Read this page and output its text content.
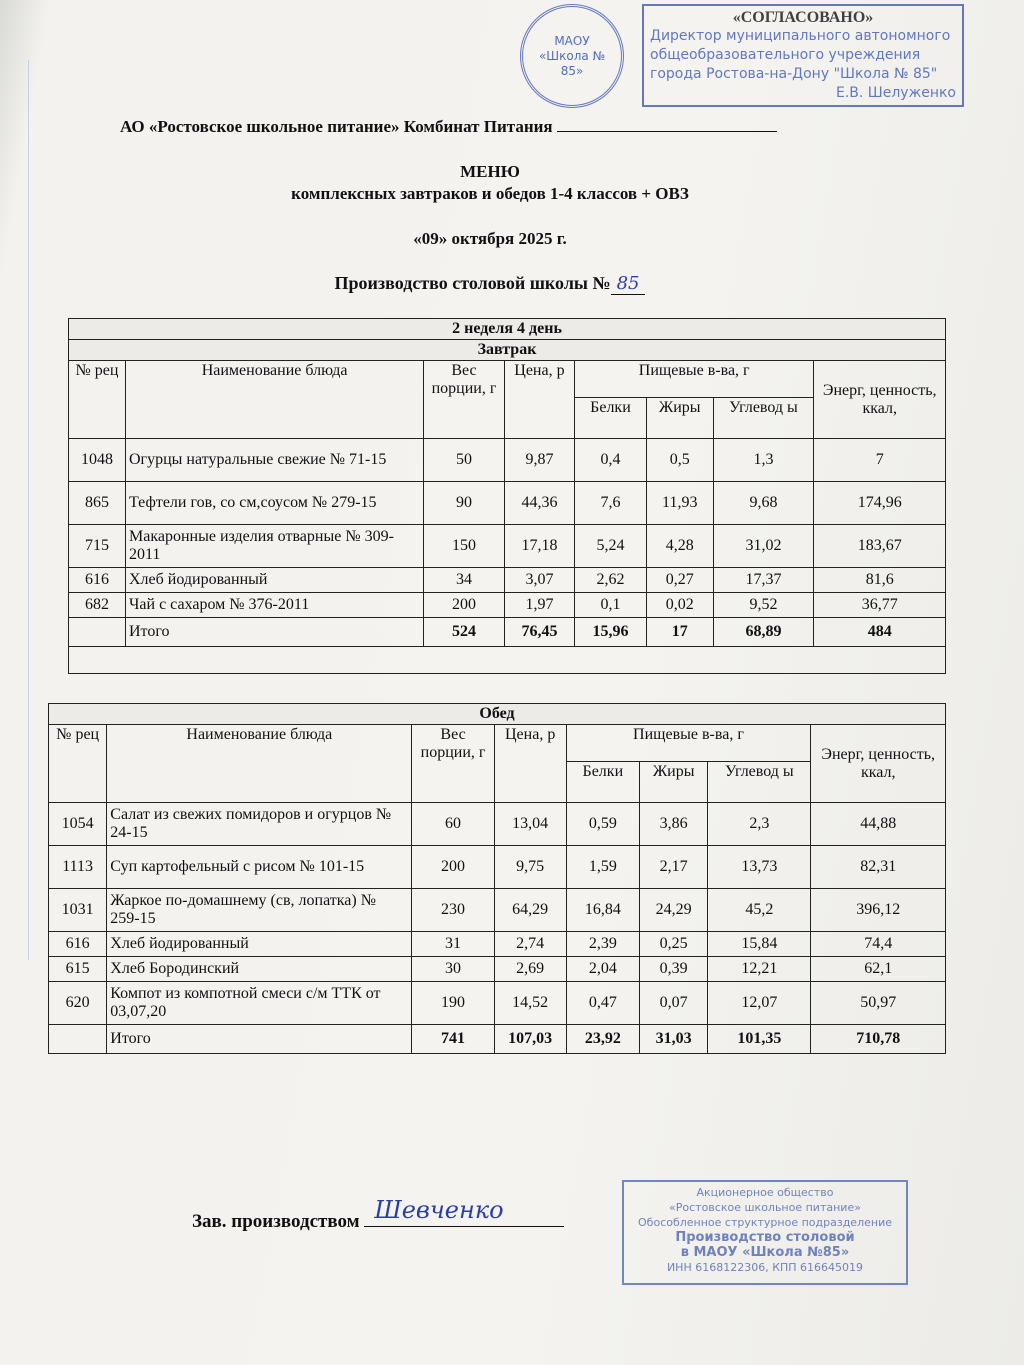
«СОГЛАСОВАНО»
Директор муниципального автономного
общеобразовательного учреждения
города Ростова-на-Дону "Школа № 85"
Е.В. Шелуженко
МАОУ «Школа № 85»
АО «Ростовское школьное питание» Комбинат Питания
МЕНЮ
комплексных завтраков и обедов 1-4 классов + ОВЗ
«09» октября 2025 г.
Производство столовой школы № 85
2 неделя 4 день							
Завтрак							
№ рец	Наименование блюда	Вес порции, г	Цена, р	Пищевые в-ва, г			Энерг, ценность, ккал,
				Белки	Жиры	Углевод ы	
1048	Огурцы натуральные свежие № 71-15	50	9,87	0,4	0,5	1,3	7
865	Тефтели гов, со см,соусом № 279-15	90	44,36	7,6	11,93	9,68	174,96
715	Макаронные изделия отварные № 309-2011	150	17,18	5,24	4,28	31,02	183,67
616	Хлеб йодированный	34	3,07	2,62	0,27	17,37	81,6
682	Чай с сахаром № 376-2011	200	1,97	0,1	0,02	9,52	36,77
	Итого	524	76,45	15,96	17	68,89	484

Обед							
№ рец	Наименование блюда	Вес порции, г	Цена, р	Пищевые в-ва, г			Энерг, ценность, ккал,
				Белки	Жиры	Углевод ы	
1054	Салат из свежих помидоров и огурцов № 24-15	60	13,04	0,59	3,86	2,3	44,88
1113	Суп картофельный с рисом № 101-15	200	9,75	1,59	2,17	13,73	82,31
1031	Жаркое по-домашнему (св, лопатка) № 259-15	230	64,29	16,84	24,29	45,2	396,12
616	Хлеб йодированный	31	2,74	2,39	0,25	15,84	74,4
615	Хлеб Бородинский	30	2,69	2,04	0,39	12,21	62,1
620	Компот из компотной смеси с/м ТТК от 03,07,20	190	14,52	0,47	0,07	12,07	50,97
	Итого	741	107,03	23,92	31,03	101,35	710,78
Зав. производством Шевченко
Акционерное общество
«Ростовское школьное питание»
Обособленное структурное подразделение
Производство столовой
в МАОУ «Школа №85»
ИНН 6168122306, КПП 616645019
